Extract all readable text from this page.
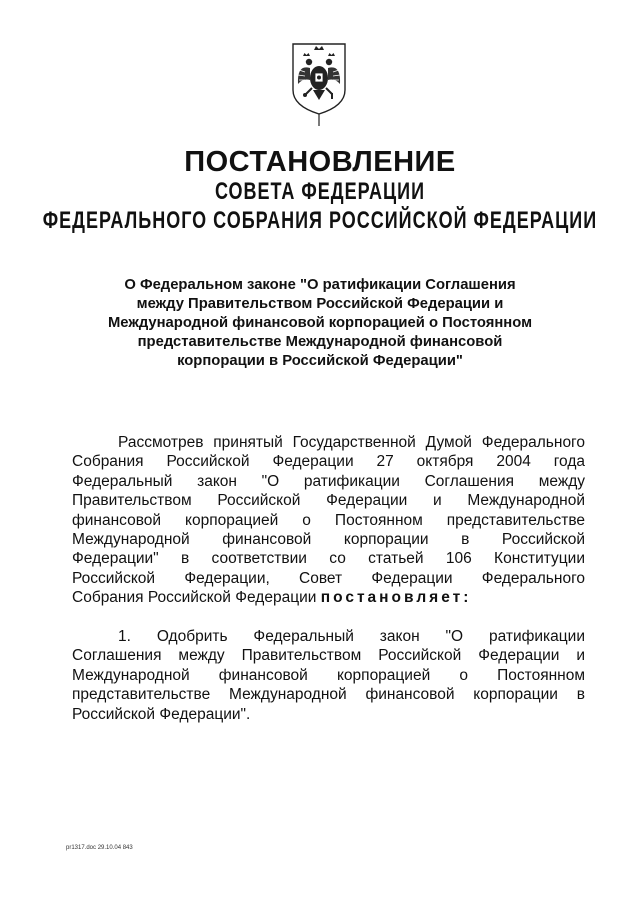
ПОСТАНОВЛЕНИЕ
СОВЕТА ФЕДЕРАЦИИ
ФЕДЕРАЛЬНОГО СОБРАНИЯ РОССИЙСКОЙ ФЕДЕРАЦИИ
О Федеральном законе "О ратификации Соглашения
между Правительством Российской Федерации и
Международной финансовой корпорацией о Постоянном
представительстве Международной финансовой
корпорации в Российской Федерации"
Рассмотрев принятый Государственной Думой Федерального
Собрания Российской Федерации 27 октября 2004 года
Федеральный закон "О ратификации Соглашения между
Правительством Российской Федерации и Международной
финансовой корпорацией о Постоянном представительстве
Международной финансовой корпорации в Российской
Федерации" в соответствии со статьей 106 Конституции
Российской Федерации, Совет Федерации Федерального
Собрания Российской Федерации постановляет:
1. Одобрить Федеральный закон "О ратификации
Соглашения между Правительством Российской Федерации и
Международной финансовой корпорацией о Постоянном
представительстве Международной финансовой корпорации в
Российской Федерации".
pr1317.doc 29.10.04 843
